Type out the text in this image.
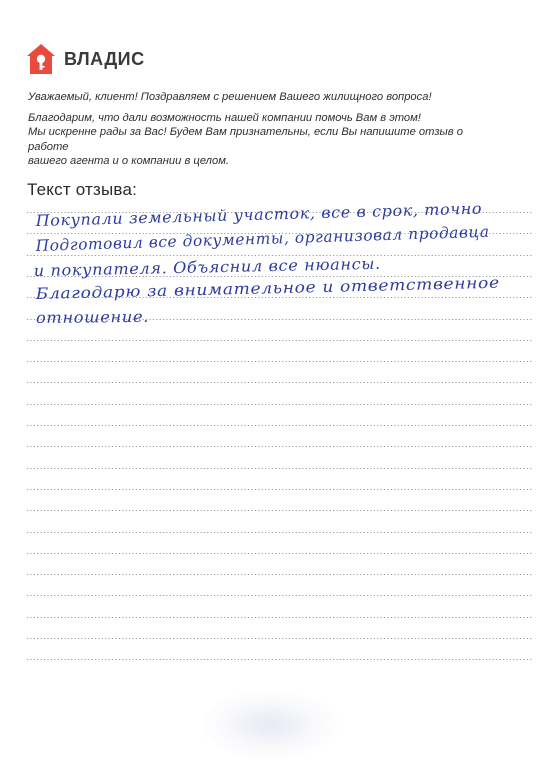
ВЛАДИС

Уважаемый, клиент! Поздравляем с решением Вашего жилищного вопроса!

Благодарим, что дали возможность нашей компании помочь Вам в этом!

Мы искренне рады за Вас! Будем Вам признательны, если Вы напишите отзыв о работе

вашего агента и о компании в целом.

Текст отзыва:
Покупали земельный участок, все в срок, точно
Подготовил все документы, организовал продавца
и покупателя. Объяснил все нюансы.
Благодарю за внимательное и ответственное
отношение.
